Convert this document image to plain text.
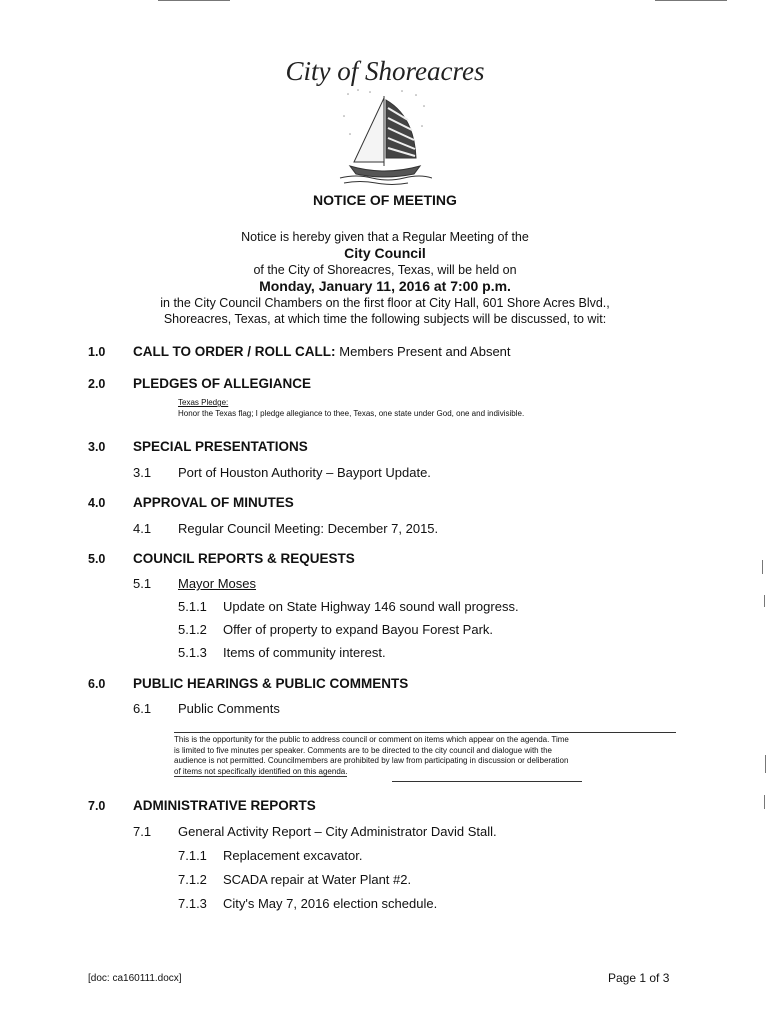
City of Shoreacres
NOTICE OF MEETING
Notice is hereby given that a Regular Meeting of the
City Council
of the City of Shoreacres, Texas, will be held on
Monday, January 11, 2016 at 7:00 p.m.
in the City Council Chambers on the first floor at City Hall, 601 Shore Acres Blvd.,
Shoreacres, Texas, at which time the following subjects will be discussed, to wit:
1.0 CALL TO ORDER / ROLL CALL: Members Present and Absent
2.0 PLEDGES OF ALLEGIANCE
Texas Pledge:
Honor the Texas flag; I pledge allegiance to thee, Texas, one state under God, one and indivisible.
3.0 SPECIAL PRESENTATIONS
3.1 Port of Houston Authority – Bayport Update.
4.0 APPROVAL OF MINUTES
4.1 Regular Council Meeting: December 7, 2015.
5.0 COUNCIL REPORTS & REQUESTS
5.1 Mayor Moses
5.1.1 Update on State Highway 146 sound wall progress.
5.1.2 Offer of property to expand Bayou Forest Park.
5.1.3 Items of community interest.
6.0 PUBLIC HEARINGS & PUBLIC COMMENTS
6.1 Public Comments
This is the opportunity for the public to address council or comment on items which appear on the agenda. Time
is limited to five minutes per speaker. Comments are to be directed to the city council and dialogue with the
audience is not permitted. Councilmembers are prohibited by law from participating in discussion or deliberation
of items not specifically identified on this agenda.
7.0 ADMINISTRATIVE REPORTS
7.1 General Activity Report – City Administrator David Stall.
7.1.1 Replacement excavator.
7.1.2 SCADA repair at Water Plant #2.
7.1.3 City's May 7, 2016 election schedule.
[doc: ca160111.docx]	Page 1 of 3
